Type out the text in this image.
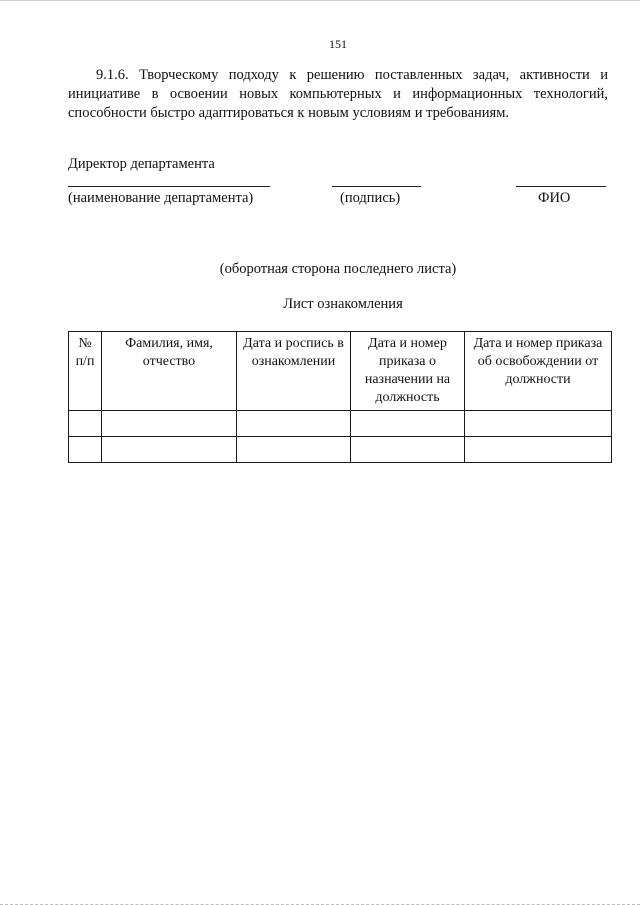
151
9.1.6. Творческому подходу к решению поставленных задач, активности и инициативе в освоении новых компьютерных и информационных технологий, способности быстро адаптироваться к новым условиям и требованиям.
Директор департамента
(наименование департамента)	(подпись)	ФИО
(оборотная сторона последнего листа)
Лист ознакомления
№ п/п	Фамилия, имя, отчество	Дата и роспись в ознакомлении	Дата и номер приказа о назначении на должность	Дата и номер приказа об освобождении от должности
